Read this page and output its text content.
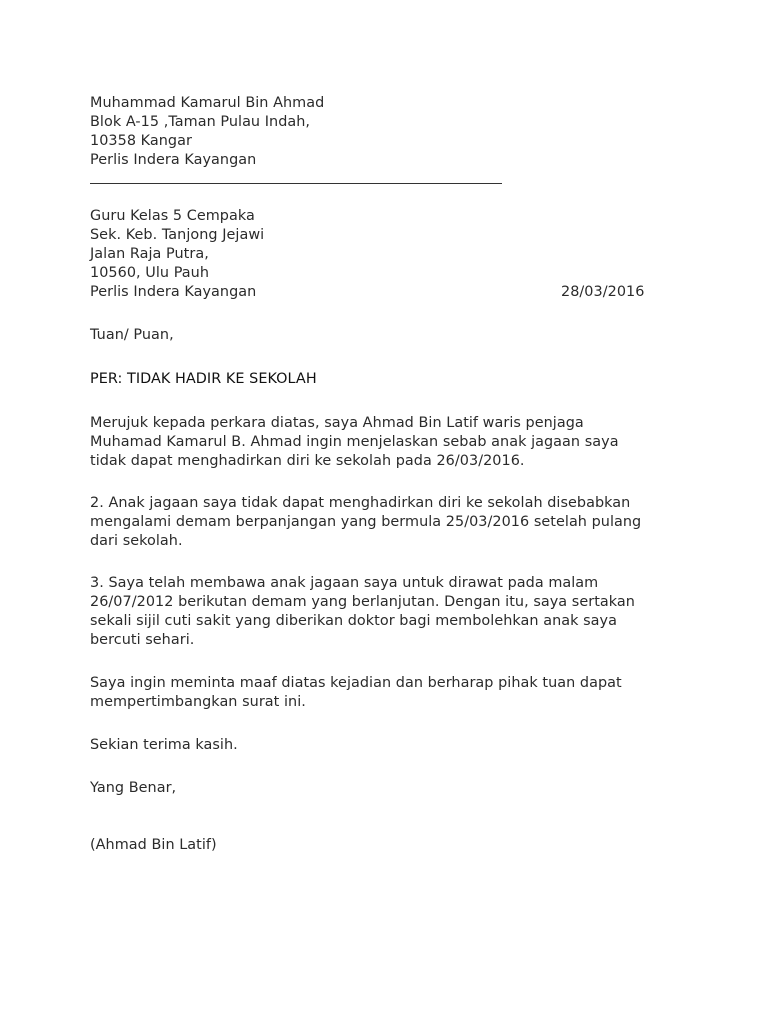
Muhammad Kamarul Bin Ahmad
Blok A-15 ,Taman Pulau Indah,
10358 Kangar
Perlis Indera Kayangan
Guru Kelas 5 Cempaka
Sek. Keb. Tanjong Jejawi
Jalan Raja Putra,
10560, Ulu Pauh
Perlis Indera Kayangan	28/03/2016
Tuan/ Puan,
PER: TIDAK HADIR KE SEKOLAH
Merujuk kepada perkara diatas, saya Ahmad Bin Latif waris penjaga
Muhamad Kamarul B. Ahmad ingin menjelaskan sebab anak jagaan saya
tidak dapat menghadirkan diri ke sekolah pada 26/03/2016.
2. Anak jagaan saya tidak dapat menghadirkan diri ke sekolah disebabkan
mengalami demam berpanjangan yang bermula 25/03/2016 setelah pulang
dari sekolah.
3. Saya telah membawa anak jagaan saya untuk dirawat pada malam
26/07/2012 berikutan demam yang berlanjutan. Dengan itu, saya sertakan
sekali sijil cuti sakit yang diberikan doktor bagi membolehkan anak saya
bercuti sehari.
Saya ingin meminta maaf diatas kejadian dan berharap pihak tuan dapat
mempertimbangkan surat ini.
Sekian terima kasih.
Yang Benar,
(Ahmad Bin Latif)
